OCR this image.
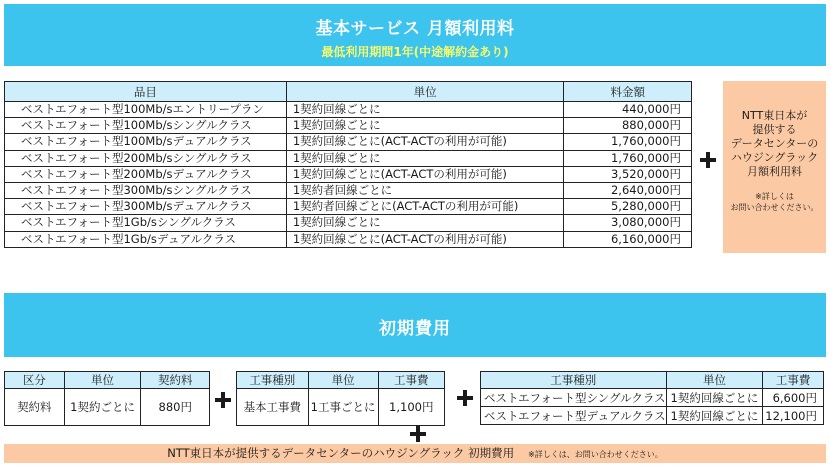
基本サービス 月額利用料
最低利用期間1年(中途解約金あり)
品目	単位	料金額
ベストエフォート型100Mb/sエントリープラン	1契約回線ごとに	440,000円
ベストエフォート型100Mb/sシングルクラス	1契約回線ごとに	880,000円
ベストエフォート型100Mb/sデュアルクラス	1契約回線ごとに(ACT-ACTの利用が可能)	1,760,000円
ベストエフォート型200Mb/sシングルクラス	1契約回線ごとに	1,760,000円
ベストエフォート型200Mb/sデュアルクラス	1契約回線ごとに(ACT-ACTの利用が可能)	3,520,000円
ベストエフォート型300Mb/sシングルクラス	1契約者回線ごとに	2,640,000円
ベストエフォート型300Mb/sデュアルクラス	1契約者回線ごとに(ACT-ACTの利用が可能)	5,280,000円
ベストエフォート型1Gb/sシングルクラス	1契約回線ごとに	3,080,000円
ベストエフォート型1Gb/sデュアルクラス	1契約回線ごとに(ACT-ACTの利用が可能)	6,160,000円
NTT東日本が
提供する
データセンターの
ハウジングラック
月額利用料
※詳しくは
お問い合わせください。
初期費用
区分	単位	契約料
契約料	1契約ごとに	880円
工事種別	単位	工事費
基本工事費	1工事ごとに	1,100円
工事種別	単位	工事費
ベストエフォート型シングルクラス	1契約回線ごとに	6,600円
ベストエフォート型デュアルクラス	1契約回線ごとに	12,100円
NTT東日本が提供するデータセンターのハウジングラック 初期費用 ※詳しくは、お問い合わせください。
